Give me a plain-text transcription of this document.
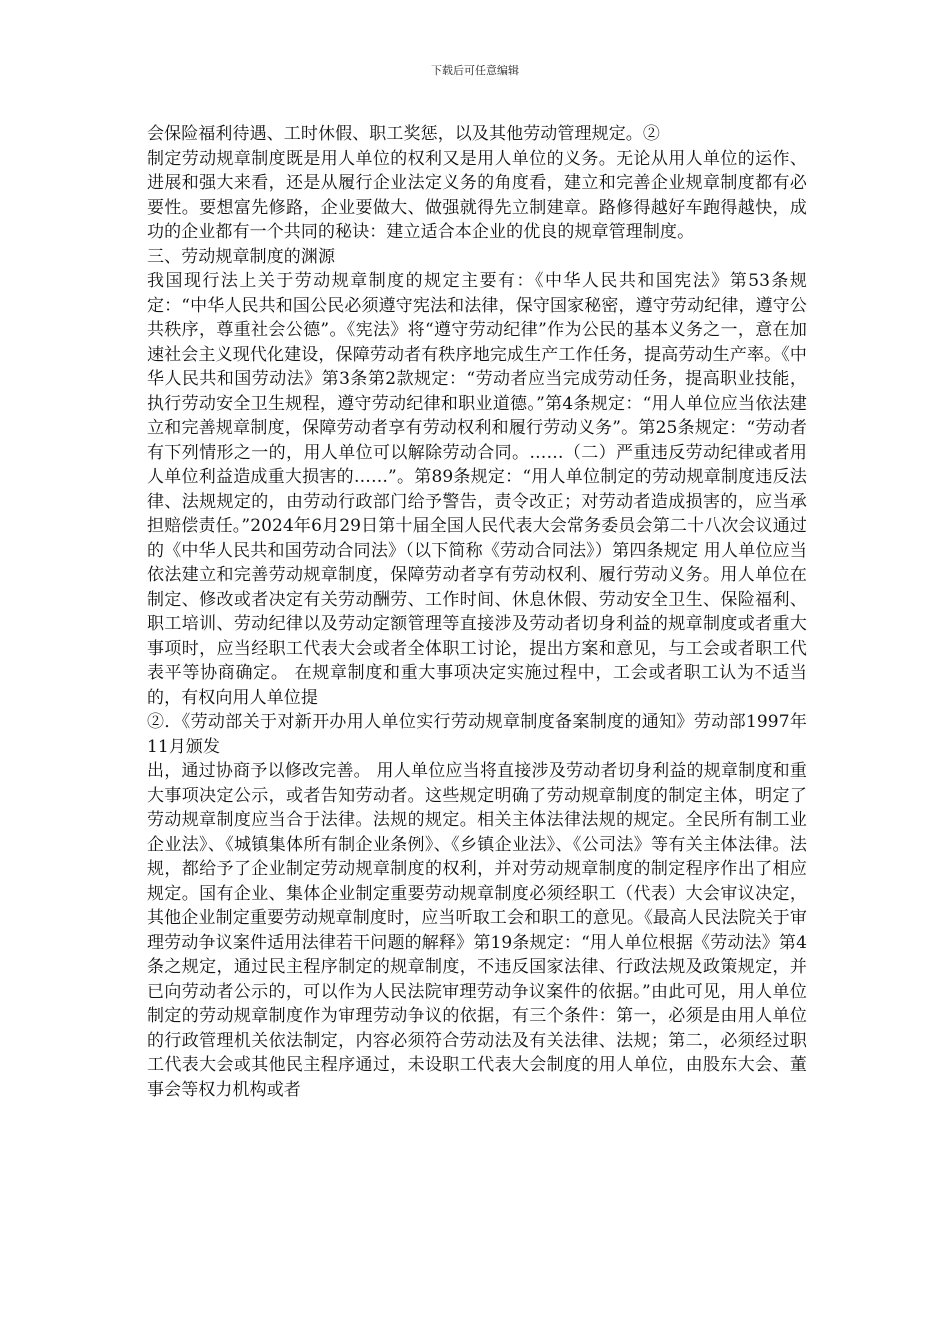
下载后可任意编辑

会保险福利待遇、工时休假、职工奖惩，以及其他劳动管理规定。②

制定劳动规章制度既是用人单位的权利又是用人单位的义务。无论从用人单位的运作、进展和强大来看，还是从履行企业法定义务的角度看，建立和完善企业规章制度都有必要性。要想富先修路，企业要做大、做强就得先立制建章。路修得越好车跑得越快，成功的企业都有一个共同的秘诀：建立适合本企业的优良的规章管理制度。

三、劳动规章制度的渊源

我国现行法上关于劳动规章制度的规定主要有：《中华人民共和国宪法》第53条规定：“中华人民共和国公民必须遵守宪法和法律，保守国家秘密，遵守劳动纪律，遵守公共秩序，尊重社会公德”。《宪法》将“遵守劳动纪律”作为公民的基本义务之一，意在加速社会主义现代化建设，保障劳动者有秩序地完成生产工作任务，提高劳动生产率。《中华人民共和国劳动法》第3条第2款规定：“劳动者应当完成劳动任务，提高职业技能，执行劳动安全卫生规程，遵守劳动纪律和职业道德。”第4条规定：“用人单位应当依法建立和完善规章制度，保障劳动者享有劳动权利和履行劳动义务”。第25条规定：“劳动者有下列情形之一的，用人单位可以解除劳动合同。……（二）严重违反劳动纪律或者用人单位利益造成重大损害的……”。第89条规定：“用人单位制定的劳动规章制度违反法律、法规规定的，由劳动行政部门给予警告，责令改正；对劳动者造成损害的，应当承担赔偿责任。”2024年6月29日第十届全国人民代表大会常务委员会第二十八次会议通过的《中华人民共和国劳动合同法》（以下简称《劳动合同法》）第四条规定 用人单位应当依法建立和完善劳动规章制度，保障劳动者享有劳动权利、履行劳动义务。用人单位在制定、修改或者决定有关劳动酬劳、工作时间、休息休假、劳动安全卫生、保险福利、职工培训、劳动纪律以及劳动定额管理等直接涉及劳动者切身利益的规章制度或者重大事项时，应当经职工代表大会或者全体职工讨论，提出方案和意见，与工会或者职工代表平等协商确定。 在规章制度和重大事项决定实施过程中，工会或者职工认为不适当的，有权向用人单位提

②．《劳动部关于对新开办用人单位实行劳动规章制度备案制度的通知》劳动部1997年11月颁发

出，通过协商予以修改完善。 用人单位应当将直接涉及劳动者切身利益的规章制度和重大事项决定公示，或者告知劳动者。这些规定明确了劳动规章制度的制定主体，明定了劳动规章制度应当合于法律。法规的规定。相关主体法律法规的规定。全民所有制工业企业法》、《城镇集体所有制企业条例》、《乡镇企业法》、《公司法》等有关主体法律。法规，都给予了企业制定劳动规章制度的权利，并对劳动规章制度的制定程序作出了相应规定。国有企业、集体企业制定重要劳动规章制度必须经职工（代表）大会审议决定，其他企业制定重要劳动规章制度时，应当听取工会和职工的意见。《最高人民法院关于审理劳动争议案件适用法律若干问题的解释》第19条规定：“用人单位根据《劳动法》第4条之规定，通过民主程序制定的规章制度，不违反国家法律、行政法规及政策规定，并已向劳动者公示的，可以作为人民法院审理劳动争议案件的依据。”由此可见，用人单位制定的劳动规章制度作为审理劳动争议的依据，有三个条件：第一，必须是由用人单位的行政管理机关依法制定，内容必须符合劳动法及有关法律、法规；第二，必须经过职工代表大会或其他民主程序通过，未设职工代表大会制度的用人单位，由股东大会、董事会等权力机构或者
